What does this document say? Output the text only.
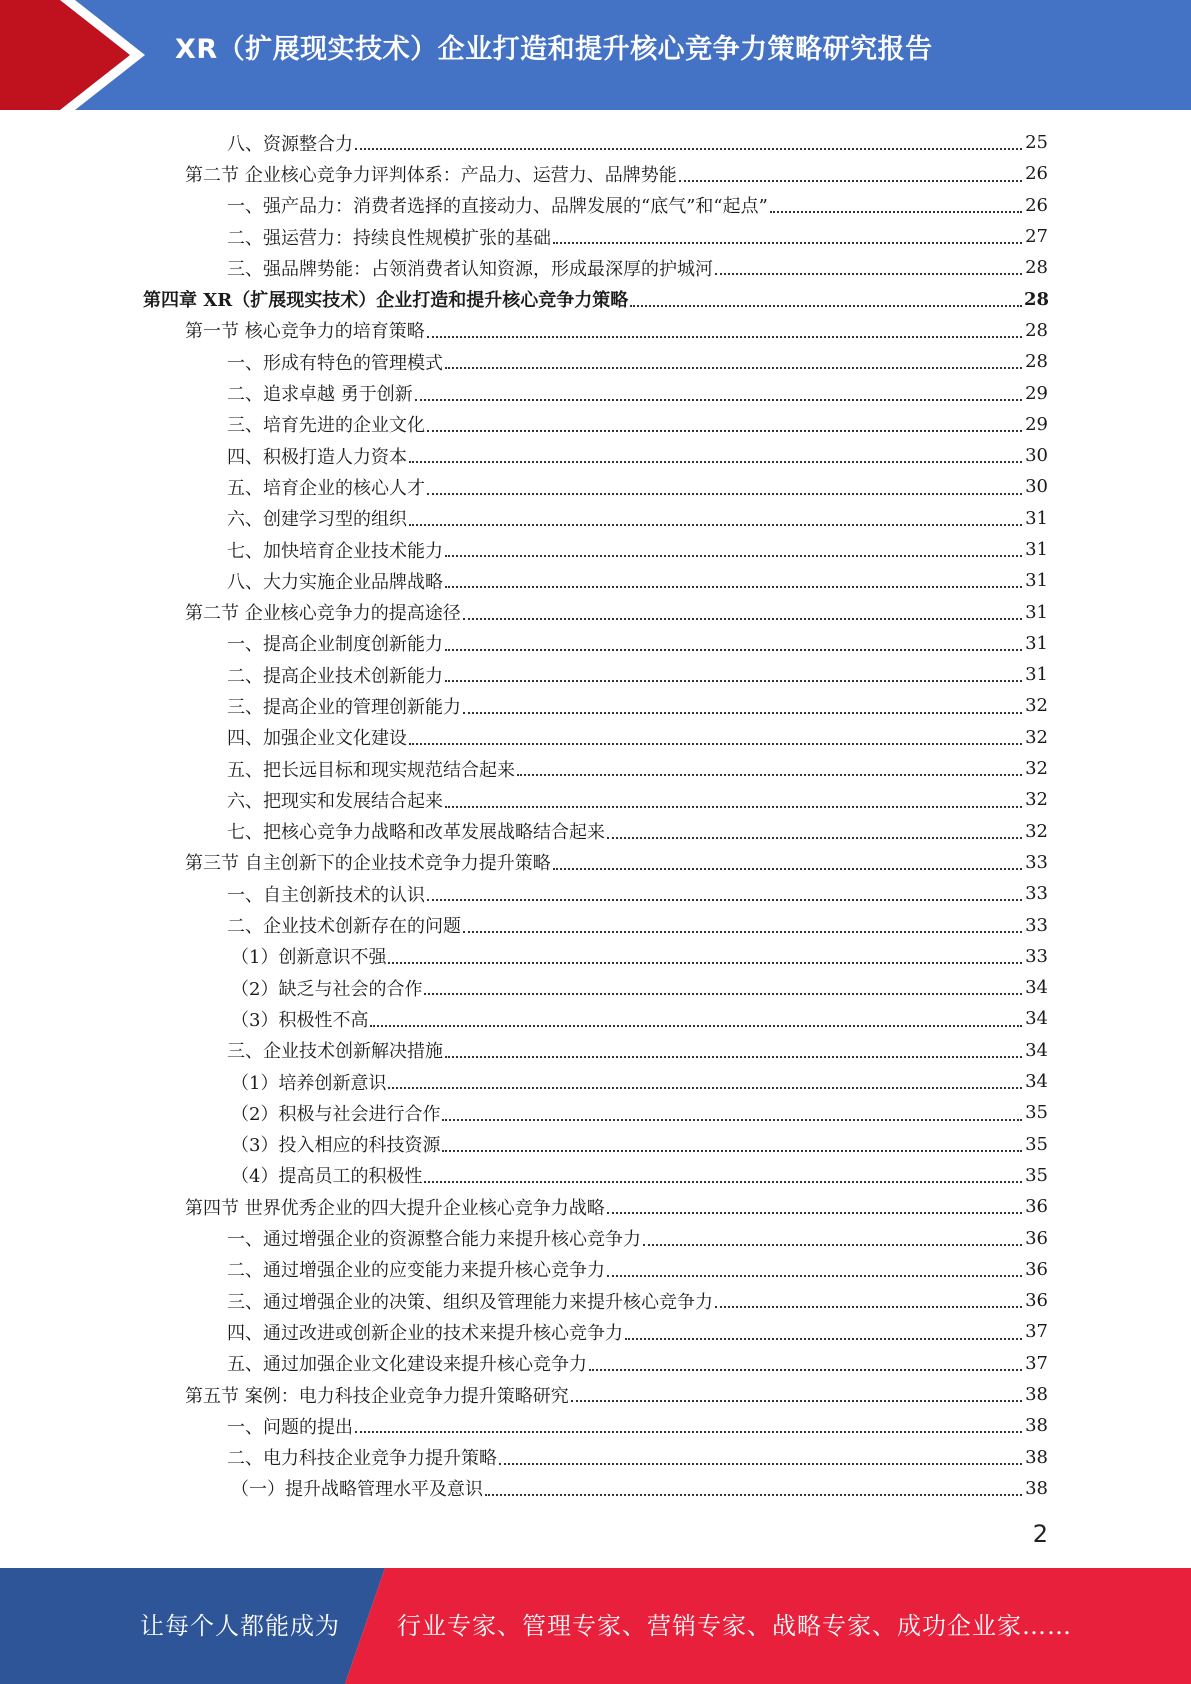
XR（扩展现实技术）企业打造和提升核心竞争力策略研究报告
八、资源整合力	25
第二节 企业核心竞争力评判体系：产品力、运营力、品牌势能	26
一、强产品力：消费者选择的直接动力、品牌发展的“底气”和“起点”	26
二、强运营力：持续良性规模扩张的基础	27
三、强品牌势能：占领消费者认知资源，形成最深厚的护城河	28
第四章 XR（扩展现实技术）企业打造和提升核心竞争力策略	28
第一节 核心竞争力的培育策略	28
一、形成有特色的管理模式	28
二、追求卓越 勇于创新	29
三、培育先进的企业文化	29
四、积极打造人力资本	30
五、培育企业的核心人才	30
六、创建学习型的组织	31
七、加快培育企业技术能力	31
八、大力实施企业品牌战略	31
第二节 企业核心竞争力的提高途径	31
一、提高企业制度创新能力	31
二、提高企业技术创新能力	31
三、提高企业的管理创新能力	32
四、加强企业文化建设	32
五、把长远目标和现实规范结合起来	32
六、把现实和发展结合起来	32
七、把核心竞争力战略和改革发展战略结合起来	32
第三节 自主创新下的企业技术竞争力提升策略	33
一、自主创新技术的认识	33
二、企业技术创新存在的问题	33
（1）创新意识不强	33
（2）缺乏与社会的合作	34
（3）积极性不高	34
三、企业技术创新解决措施	34
（1）培养创新意识	34
（2）积极与社会进行合作	35
（3）投入相应的科技资源	35
（4）提高员工的积极性	35
第四节 世界优秀企业的四大提升企业核心竞争力战略	36
一、通过增强企业的资源整合能力来提升核心竞争力	36
二、通过增强企业的应变能力来提升核心竞争力	36
三、通过增强企业的决策、组织及管理能力来提升核心竞争力	36
四、通过改进或创新企业的技术来提升核心竞争力	37
五、通过加强企业文化建设来提升核心竞争力	37
第五节 案例：电力科技企业竞争力提升策略研究	38
一、问题的提出	38
二、电力科技企业竞争力提升策略	38
（一）提升战略管理水平及意识	38
2
让每个人都能成为 行业专家、管理专家、营销专家、战略专家、成功企业家……
